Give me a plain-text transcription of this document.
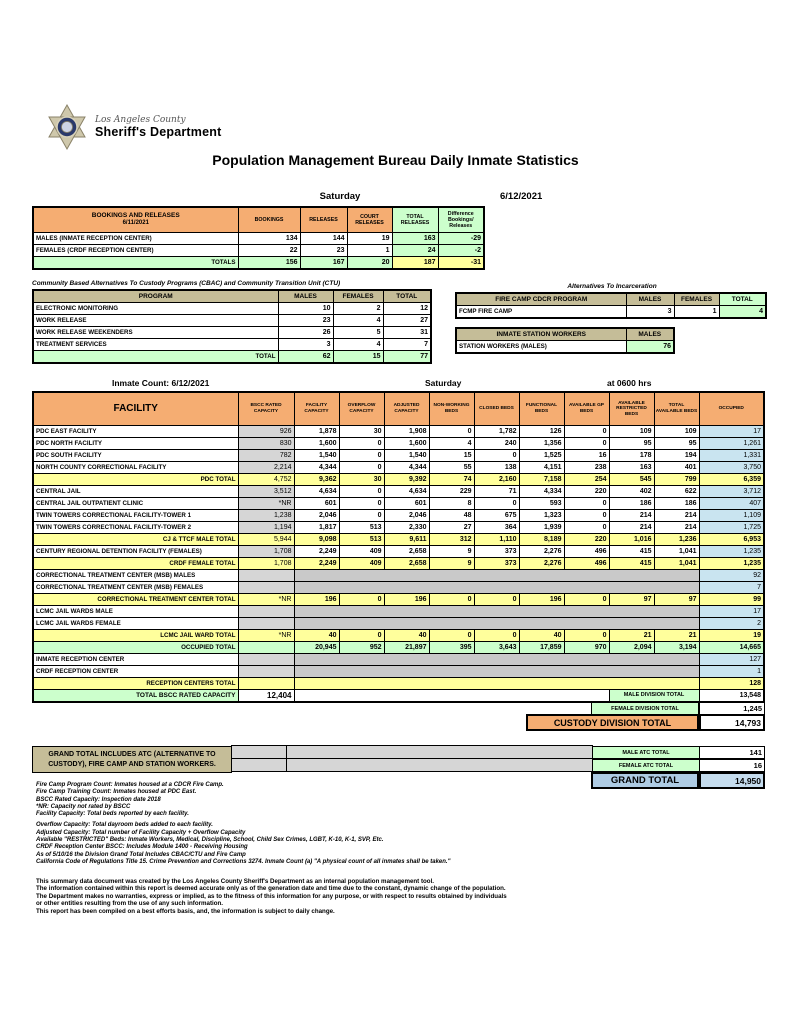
Los Angeles County
Sheriff's Department
Population Management Bureau Daily Inmate Statistics
Saturday	6/12/2021
BOOKINGS AND RELEASES
6/11/2021	BOOKINGS	RELEASES	COURT RELEASES	TOTAL RELEASES	Difference Bookings/ Releases
MALES (INMATE RECEPTION CENTER)	134	144	19	163	-29
FEMALES (CRDF RECEPTION CENTER)	22	23	1	24	-2
TOTALS	156	167	20	187	-31
Community Based Alternatives To Custody Programs (CBAC) and Community Transition Unit (CTU)
PROGRAM	MALES	FEMALES	TOTAL
ELECTRONIC MONITORING	10	2	12
WORK RELEASE	23	4	27
WORK RELEASE WEEKENDERS	26	5	31
TREATMENT SERVICES	3	4	7
TOTAL	62	15	77
Alternatives To Incarceration
FIRE CAMP CDCR PROGRAM	MALES	FEMALES	TOTAL
FCMP FIRE CAMP	3	1	4
INMATE STATION WORKERS	MALES
STATION WORKERS (MALES)	76
Inmate Count: 6/12/2021	Saturday	at 0600 hrs
FACILITY	BSCC RATED CAPACITY	FACILITY CAPACITY	OVERFLOW CAPACITY	ADJUSTED CAPACITY	NON-WORKING BEDS	CLOSED BEDS	FUNCTIONAL BEDS	AVAILABLE GP BEDS	AVAILABLE RESTRICTED BEDS	TOTAL AVAILABLE BEDS	OCCUPIED
PDC EAST FACILITY	926	1,878	30	1,908	0	1,782	126	0	109	109	17
PDC NORTH FACILITY	830	1,600	0	1,600	4	240	1,356	0	95	95	1,261
PDC SOUTH FACILITY	782	1,540	0	1,540	15	0	1,525	16	178	194	1,331
NORTH COUNTY CORRECTIONAL FACILITY	2,214	4,344	0	4,344	55	138	4,151	238	163	401	3,750
PDC TOTAL	4,752	9,362	30	9,392	74	2,160	7,158	254	545	799	6,359
CENTRAL JAIL	3,512	4,634	0	4,634	229	71	4,334	220	402	622	3,712
CENTRAL JAIL OUTPATIENT CLINIC	*NR	601	0	601	8	0	593	0	186	186	407
TWIN TOWERS CORRECTIONAL FACILITY-TOWER 1	1,238	2,046	0	2,046	48	675	1,323	0	214	214	1,109
TWIN TOWERS CORRECTIONAL FACILITY-TOWER 2	1,194	1,817	513	2,330	27	364	1,939	0	214	214	1,725
CJ & TTCF MALE TOTAL	5,944	9,098	513	9,611	312	1,110	8,189	220	1,016	1,236	6,953
CENTURY REGIONAL DETENTION FACILITY (FEMALES)	1,708	2,249	409	2,658	9	373	2,276	496	415	1,041	1,235
CRDF FEMALE TOTAL	1,708	2,249	409	2,658	9	373	2,276	496	415	1,041	1,235
CORRECTIONAL TREATMENT CENTER (MSB) MALES											92
CORRECTIONAL TREATMENT CENTER (MSB) FEMALES											7
CORRECTIONAL TREATMENT CENTER TOTAL	*NR	196	0	196	0	0	196	0	97	97	99
LCMC JAIL WARDS MALE											17
LCMC JAIL WARDS FEMALE											2
LCMC JAIL WARD TOTAL	*NR	40	0	40	0	0	40	0	21	21	19
OCCUPIED TOTAL		20,945	952	21,897	395	3,643	17,859	970	2,094	3,194	14,665
INMATE RECEPTION CENTER											127
CRDF RECEPTION CENTER											1
RECEPTION CENTERS TOTAL											128
TOTAL BSCC RATED CAPACITY	12,404								MALE DIVISION TOTAL		13,548
FEMALE DIVISION TOTAL	1,245
CUSTODY DIVISION TOTAL	14,793
GRAND TOTAL INCLUDES ATC (ALTERNATIVE TO
CUSTODY), FIRE CAMP AND STATION WORKERS.
MALE ATC TOTAL	141
FEMALE ATC TOTAL	16
GRAND TOTAL	14,950
Fire Camp Program Count: Inmates housed at a CDCR Fire Camp.
Fire Camp Training Count: Inmates housed at PDC East.
BSCC Rated Capacity: Inspection date 2018
*NR: Capacity not rated by BSCC
Facility Capacity: Total beds reported by each facility.
Overflow Capacity: Total dayroom beds added to each facility.
Adjusted Capacity: Total number of Facility Capacity + Overflow Capacity
Available "RESTRICTED" Beds: Inmate Workers, Medical, Discipline, School, Child Sex Crimes, LGBT, K-10, K-1, SVP, Etc.
CRDF Reception Center BSCC: Includes Module 1400 - Receiving Housing
As of 5/10/16 the Division Grand Total Includes CBAC/CTU and Fire Camp
California Code of Regulations Title 15. Crime Prevention and Corrections 3274. Inmate Count (a) "A physical count of all inmates shall be taken."
This summary data document was created by the Los Angeles County Sheriff's Department as an internal population management tool.
The information contained within this report is deemed accurate only as of the generation date and time due to the constant, dynamic change of the population.
The Department makes no warranties, express or implied, as to the fitness of this information for any purpose, or with respect to results obtained by individuals
or other entities resulting from the use of any such information.
This report has been compiled on a best efforts basis, and, the information is subject to daily change.
